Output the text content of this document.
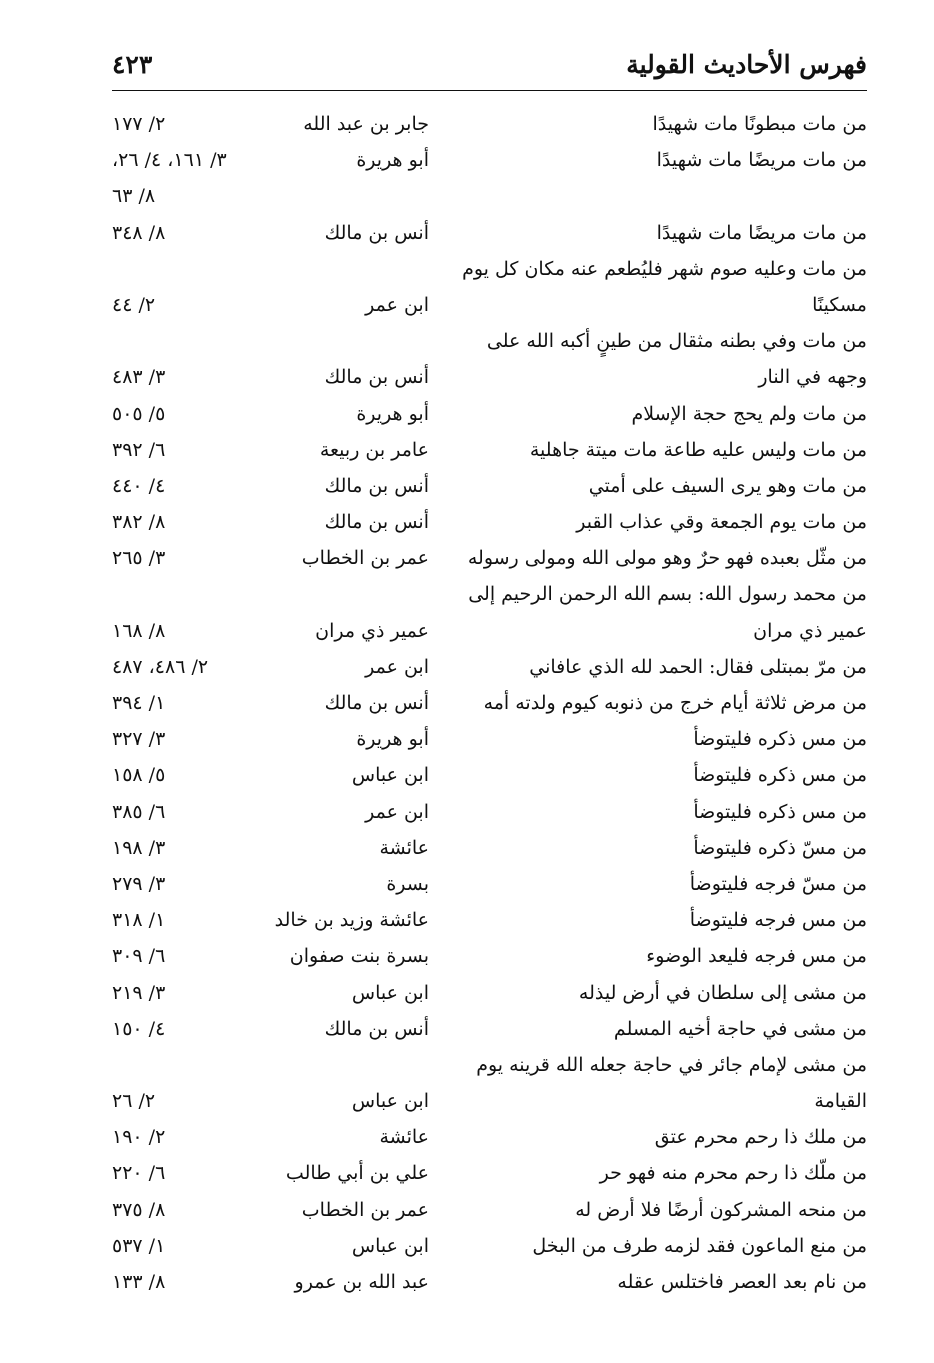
فهرس الأحاديث القولية
٤٢٣
من مات مبطونًا مات شهيدًا
جابر بن عبد الله
٢/ ١٧٧
من مات مريضًا مات شهيدًا
أبو هريرة
٣/ ١٦١، ٤/ ٢٦،
٨/ ٦٣
من مات مريضًا مات شهيدًا
أنس بن مالك
٨/ ٣٤٨
من مات وعليه صوم شهر فليُطعم عنه مكان كل يوم
مسكينًا
ابن عمر
٢/ ٤٤
من مات وفي بطنه مثقال من طينٍ أكبه الله على
وجهه في النار
أنس بن مالك
٣/ ٤٨٣
من مات ولم يحج حجة الإسلام
أبو هريرة
٥/ ٥٠٥
من مات وليس عليه طاعة مات ميتة جاهلية
عامر بن ربيعة
٦/ ٣٩٢
من مات وهو يرى السيف على أمتي
أنس بن مالك
٤/ ٤٤٠
من مات يوم الجمعة وقي عذاب القبر
أنس بن مالك
٨/ ٣٨٢
من مثّل بعبده فهو حرٌ وهو مولى الله ومولى رسوله
عمر بن الخطاب
٣/ ٢٦٥
من محمد رسول الله: بسم الله الرحمن الرحيم إلى
عمير ذي مران
عمير ذي مران
٨/ ١٦٨
من مرّ بمبتلى فقال: الحمد لله الذي عافاني
ابن عمر
٢/ ٤٨٦، ٤٨٧
من مرض ثلاثة أيام خرج من ذنوبه كيوم ولدته أمه
أنس بن مالك
١/ ٣٩٤
من مس ذكره فليتوضأ
أبو هريرة
٣/ ٣٢٧
من مس ذكره فليتوضأ
ابن عباس
٥/ ١٥٨
من مس ذكره فليتوضأ
ابن عمر
٦/ ٣٨٥
من مسّ ذكره فليتوضأ
عائشة
٣/ ١٩٨
من مسّ فرجه فليتوضأ
بسرة
٣/ ٢٧٩
من مس فرجه فليتوضأ
عائشة وزيد بن خالد
١/ ٣١٨
من مس فرجه فليعد الوضوء
بسرة بنت صفوان
٦/ ٣٠٩
من مشى إلى سلطان في أرض ليذله
ابن عباس
٣/ ٢١٩
من مشى في حاجة أخيه المسلم
أنس بن مالك
٤/ ١٥٠
من مشى لإمام جائر في حاجة جعله الله قرينه يوم
القيامة
ابن عباس
٢/ ٢٦
من ملك ذا رحم محرم عتق
عائشة
٢/ ١٩٠
من ملّك ذا رحم محرم منه فهو حر
علي بن أبي طالب
٦/ ٢٢٠
من منحه المشركون أرضًا فلا أرض له
عمر بن الخطاب
٨/ ٣٧٥
من منع الماعون فقد لزمه طرف من البخل
ابن عباس
١/ ٥٣٧
من نام بعد العصر فاختلس عقله
عبد الله بن عمرو
٨/ ١٣٣
